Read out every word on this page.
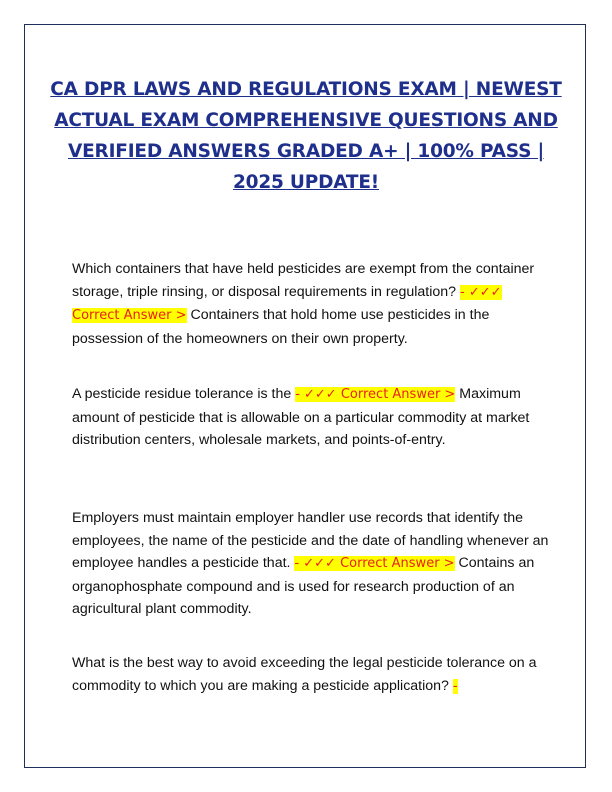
CA DPR LAWS AND REGULATIONS EXAM | NEWEST ACTUAL EXAM COMPREHENSIVE QUESTIONS AND VERIFIED ANSWERS GRADED A+ | 100% PASS | 2025 UPDATE!

Which containers that have held pesticides are exempt from the container storage, triple rinsing, or disposal requirements in regulation? - ✓✓✓ Correct Answer > Containers that hold home use pesticides in the possession of the homeowners on their own property.

A pesticide residue tolerance is the - ✓✓✓ Correct Answer > Maximum amount of pesticide that is allowable on a particular commodity at market distribution centers, wholesale markets, and points-of-entry.

Employers must maintain employer handler use records that identify the employees, the name of the pesticide and the date of handling whenever an employee handles a pesticide that. - ✓✓✓ Correct Answer > Contains an organophosphate compound and is used for research production of an agricultural plant commodity.

What is the best way to avoid exceeding the legal pesticide tolerance on a commodity to which you are making a pesticide application? -
